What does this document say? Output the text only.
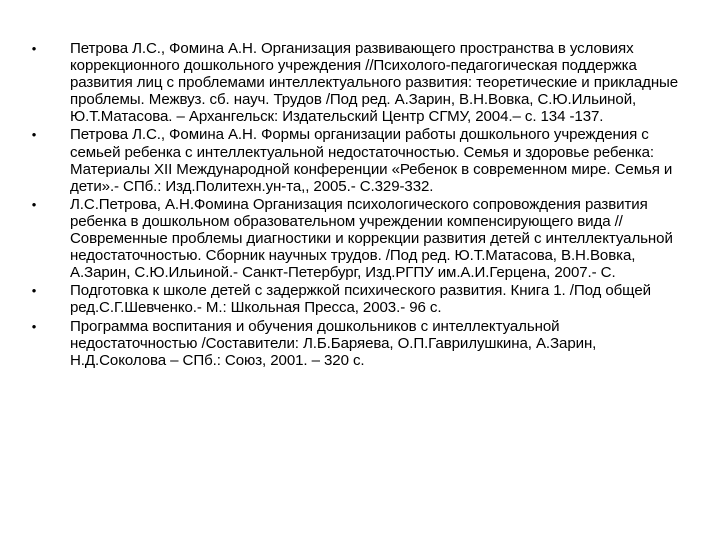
• Петрова Л.С., Фомина А.Н. Организация развивающего пространства в условиях коррекционного дошкольного учреждения //Психолого-педагогическая поддержка развития лиц с проблемами интеллектуального развития: теоретические и прикладные проблемы. Межвуз. сб. науч. Трудов /Под ред. А.Зарин, В.Н.Вовка, С.Ю.Ильиной, Ю.Т.Матасова. – Архангельск: Издательский Центр СГМУ, 2004.– с. 134 -137.
• Петрова Л.С., Фомина А.Н. Формы организации работы дошкольного учреждения с семьей ребенка с интеллектуальной недостаточностью. Семья и здоровье ребенка: Материалы XII Международной конференции «Ребенок в современном мире. Семья и дети».- СПб.: Изд.Политехн.ун-та,, 2005.- С.329-332.
• Л.С.Петрова, А.Н.Фомина Организация психологического сопровождения развития ребенка в дошкольном образовательном учреждении компенсирующего вида //Современные проблемы диагностики и коррекции развития детей с интеллектуальной недостаточностью. Сборник научных трудов. /Под ред. Ю.Т.Матасова, В.Н.Вовка, А.Зарин, С.Ю.Ильиной.- Санкт-Петербург, Изд.РГПУ им.А.И.Герцена, 2007.- С.
• Подготовка к школе детей с задержкой психического развития. Книга 1. /Под общей ред.С.Г.Шевченко.- М.: Школьная Пресса, 2003.- 96 с.
• Программа воспитания и обучения дошкольников с интеллектуальной недостаточностью /Составители: Л.Б.Баряева, О.П.Гаврилушкина, А.Зарин, Н.Д.Соколова – СПб.: Союз, 2001. – 320 с.
